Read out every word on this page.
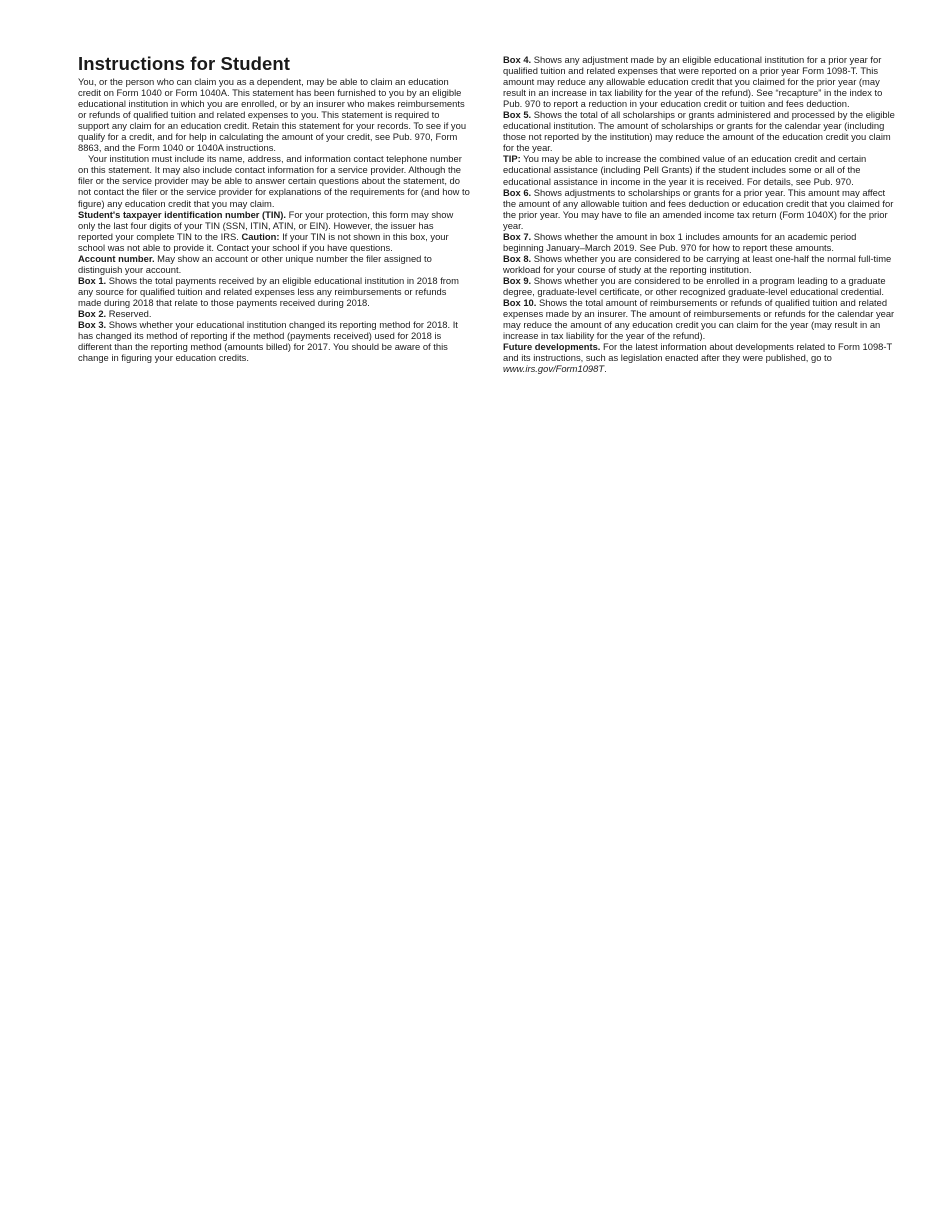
Instructions for Student

You, or the person who can claim you as a dependent, may be able to claim an education credit on Form 1040 or Form 1040A. This statement has been furnished to you by an eligible educational institution in which you are enrolled, or by an insurer who makes reimbursements or refunds of qualified tuition and related expenses to you. This statement is required to support any claim for an education credit. Retain this statement for your records. To see if you qualify for a credit, and for help in calculating the amount of your credit, see Pub. 970, Form 8863, and the Form 1040 or 1040A instructions.

Your institution must include its name, address, and information contact telephone number on this statement. It may also include contact information for a service provider. Although the filer or the service provider may be able to answer certain questions about the statement, do not contact the filer or the service provider for explanations of the requirements for (and how to figure) any education credit that you may claim.

Student's taxpayer identification number (TIN). For your protection, this form may show only the last four digits of your TIN (SSN, ITIN, ATIN, or EIN). However, the issuer has reported your complete TIN to the IRS. Caution: If your TIN is not shown in this box, your school was not able to provide it. Contact your school if you have questions.

Account number. May show an account or other unique number the filer assigned to distinguish your account.

Box 1. Shows the total payments received by an eligible educational institution in 2018 from any source for qualified tuition and related expenses less any reimbursements or refunds made during 2018 that relate to those payments received during 2018.

Box 2. Reserved.

Box 3. Shows whether your educational institution changed its reporting method for 2018. It has changed its method of reporting if the method (payments received) used for 2018 is different than the reporting method (amounts billed) for 2017. You should be aware of this change in figuring your education credits.

Box 4. Shows any adjustment made by an eligible educational institution for a prior year for qualified tuition and related expenses that were reported on a prior year Form 1098-T. This amount may reduce any allowable education credit that you claimed for the prior year (may result in an increase in tax liability for the year of the refund). See “recapture” in the index to Pub. 970 to report a reduction in your education credit or tuition and fees deduction.

Box 5. Shows the total of all scholarships or grants administered and processed by the eligible educational institution. The amount of scholarships or grants for the calendar year (including those not reported by the institution) may reduce the amount of the education credit you claim for the year.

TIP: You may be able to increase the combined value of an education credit and certain educational assistance (including Pell Grants) if the student includes some or all of the educational assistance in income in the year it is received. For details, see Pub. 970.

Box 6. Shows adjustments to scholarships or grants for a prior year. This amount may affect the amount of any allowable tuition and fees deduction or education credit that you claimed for the prior year. You may have to file an amended income tax return (Form 1040X) for the prior year.

Box 7. Shows whether the amount in box 1 includes amounts for an academic period beginning January–March 2019. See Pub. 970 for how to report these amounts.

Box 8. Shows whether you are considered to be carrying at least one-half the normal full-time workload for your course of study at the reporting institution.

Box 9. Shows whether you are considered to be enrolled in a program leading to a graduate degree, graduate-level certificate, or other recognized graduate-level educational credential.

Box 10. Shows the total amount of reimbursements or refunds of qualified tuition and related expenses made by an insurer. The amount of reimbursements or refunds for the calendar year may reduce the amount of any education credit you can claim for the year (may result in an increase in tax liability for the year of the refund).

Future developments. For the latest information about developments related to Form 1098-T and its instructions, such as legislation enacted after they were published, go to www.irs.gov/Form1098T.
